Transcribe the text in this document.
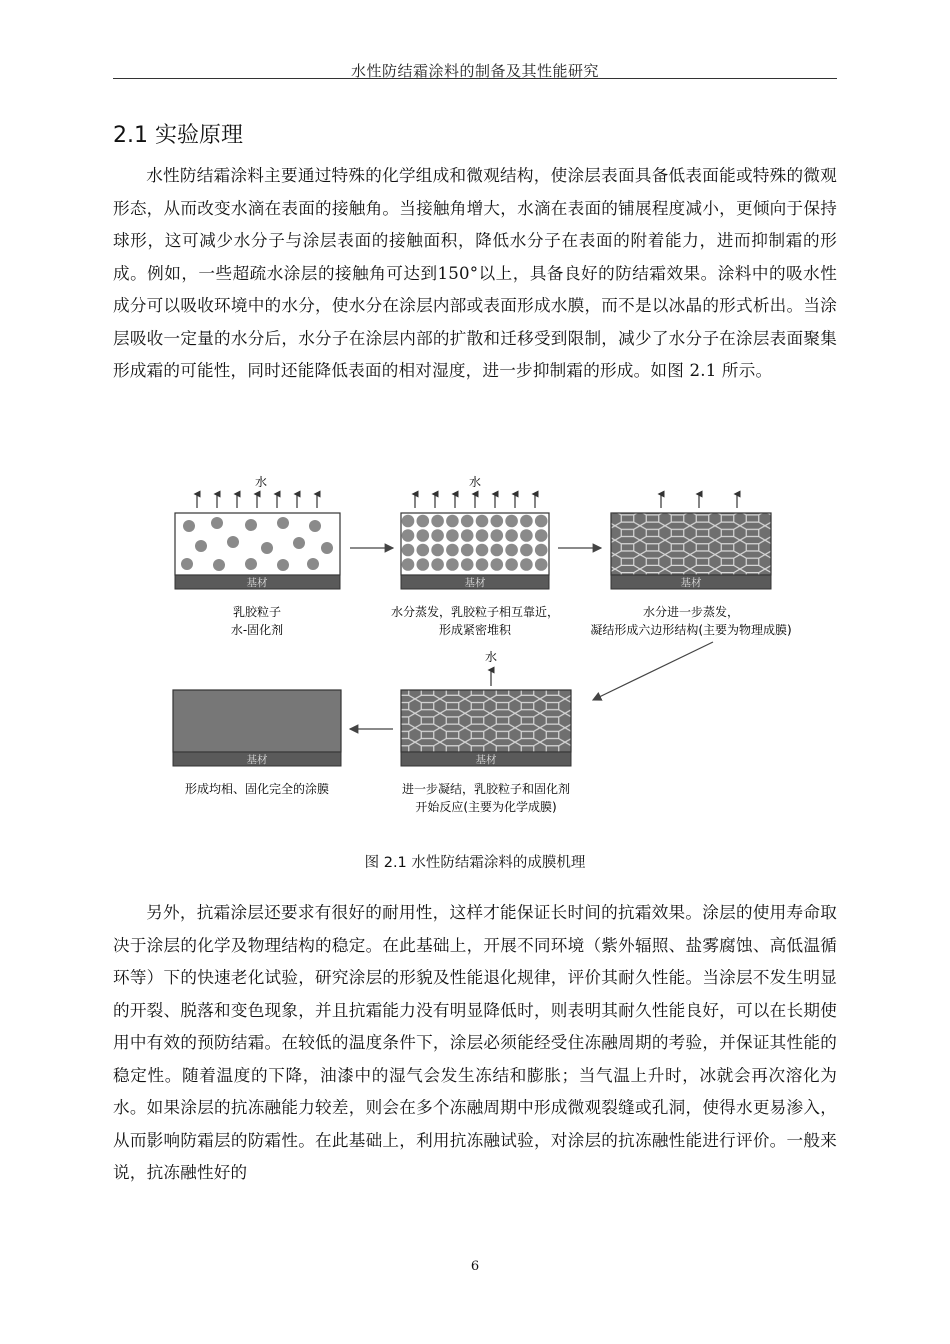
水性防结霜涂料的制备及其性能研究
2.1 实验原理

水性防结霜涂料主要通过特殊的化学组成和微观结构，使涂层表面具备低表面能或特殊的微观形态，从而改变水滴在表面的接触角。当接触角增大，水滴在表面的铺展程度减小，更倾向于保持球形，这可减少水分子与涂层表面的接触面积，降低水分子在表面的附着能力，进而抑制霜的形成。例如，一些超疏水涂层的接触角可达到150°以上，具备良好的防结霜效果。涂料中的吸水性成分可以吸收环境中的水分，使水分在涂层内部或表面形成水膜，而不是以冰晶的形式析出。当涂层吸收一定量的水分后，水分子在涂层内部的扩散和迁移受到限制，减少了水分子在涂层表面聚集形成霜的可能性，同时还能降低表面的相对湿度，进一步抑制霜的形成。如图 2.1 所示。

水
基材
乳胶粒子
水-固化剂
水
基材
水分蒸发，乳胶粒子相互靠近，
形成紧密堆积
基材
水分进一步蒸发，
凝结形成六边形结构(主要为物理成膜)
水
基材
进一步凝结，乳胶粒子和固化剂
开始反应(主要为化学成膜)
基材
形成均相、固化完全的涂膜
图 2.1 水性防结霜涂料的成膜机理

另外，抗霜涂层还要求有很好的耐用性，这样才能保证长时间的抗霜效果。涂层的使用寿命取决于涂层的化学及物理结构的稳定。在此基础上，开展不同环境（紫外辐照、盐雾腐蚀、高低温循环等）下的快速老化试验，研究涂层的形貌及性能退化规律，评价其耐久性能。当涂层不发生明显的开裂、脱落和变色现象，并且抗霜能力没有明显降低时，则表明其耐久性能良好，可以在长期使用中有效的预防结霜。在较低的温度条件下，涂层必须能经受住冻融周期的考验，并保证其性能的稳定性。随着温度的下降，油漆中的湿气会发生冻结和膨胀；当气温上升时，冰就会再次溶化为水。如果涂层的抗冻融能力较差，则会在多个冻融周期中形成微观裂缝或孔洞，使得水更易渗入，从而影响防霜层的防霜性。在此基础上，利用抗冻融试验，对涂层的抗冻融性能进行评价。一般来说，抗冻融性好的

6
